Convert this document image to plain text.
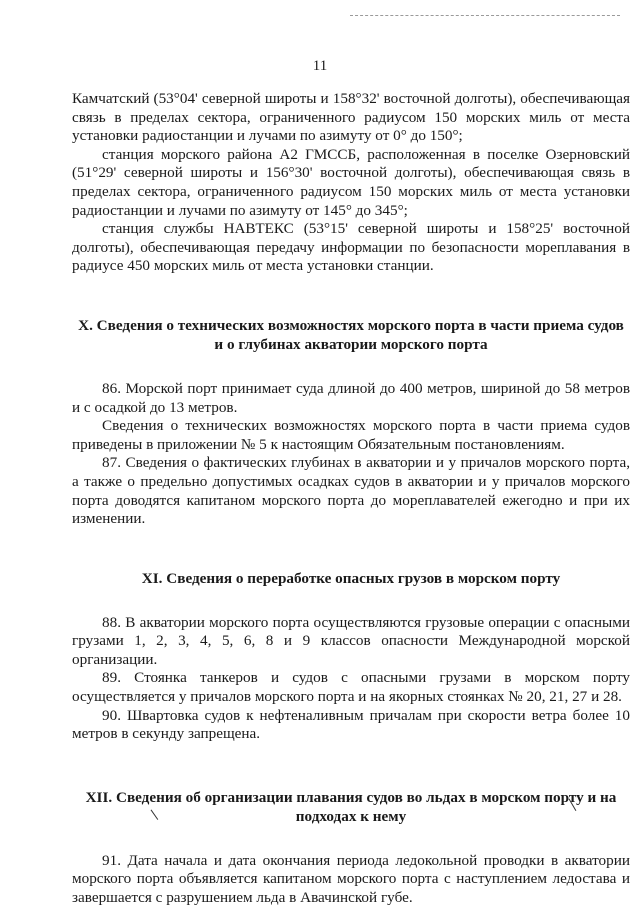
11

Камчатский (53°04' северной широты и 158°32' восточной долготы), обеспечивающая связь в пределах сектора, ограниченного радиусом 150 морских миль от места установки радиостанции и лучами по азимуту от 0° до 150°;

станция морского района А2 ГМССБ, расположенная в поселке Озерновский (51°29' северной широты и 156°30' восточной долготы), обеспечивающая связь в пределах сектора, ограниченного радиусом 150 морских миль от места установки радиостанции и лучами по азимуту от 145° до 345°;

станция службы НАВТЕКС (53°15' северной широты и 158°25' восточной долготы), обеспечивающая передачу информации по безопасности мореплавания в радиусе 450 морских миль от места установки станции.

X. Сведения о технических возможностях морского порта в части приема судов и о глубинах акватории морского порта

86. Морской порт принимает суда длиной до 400 метров, шириной до 58 метров и с осадкой до 13 метров.

Сведения о технических возможностях морского порта в части приема судов приведены в приложении № 5 к настоящим Обязательным постановлениям.

87. Сведения о фактических глубинах в акватории и у причалов морского порта, а также о предельно допустимых осадках судов в акватории и у причалов морского порта доводятся капитаном морского порта до мореплавателей ежегодно и при их изменении.

XI. Сведения о переработке опасных грузов в морском порту

88. В акватории морского порта осуществляются грузовые операции с опасными грузами 1, 2, 3, 4, 5, 6, 8 и 9 классов опасности Международной морской организации.

89. Стоянка танкеров и судов с опасными грузами в морском порту осуществляется у причалов морского порта и на якорных стоянках № 20, 21, 27 и 28.

90. Швартовка судов к нефтеналивным причалам при скорости ветра более 10 метров в секунду запрещена.

XII. Сведения об организации плавания судов во льдах в морском порту и на подходах к нему

91. Дата начала и дата окончания периода ледокольной проводки в акватории морского порта объявляется капитаном морского порта с наступлением ледостава и завершается с разрушением льда в Авачинской губе.
